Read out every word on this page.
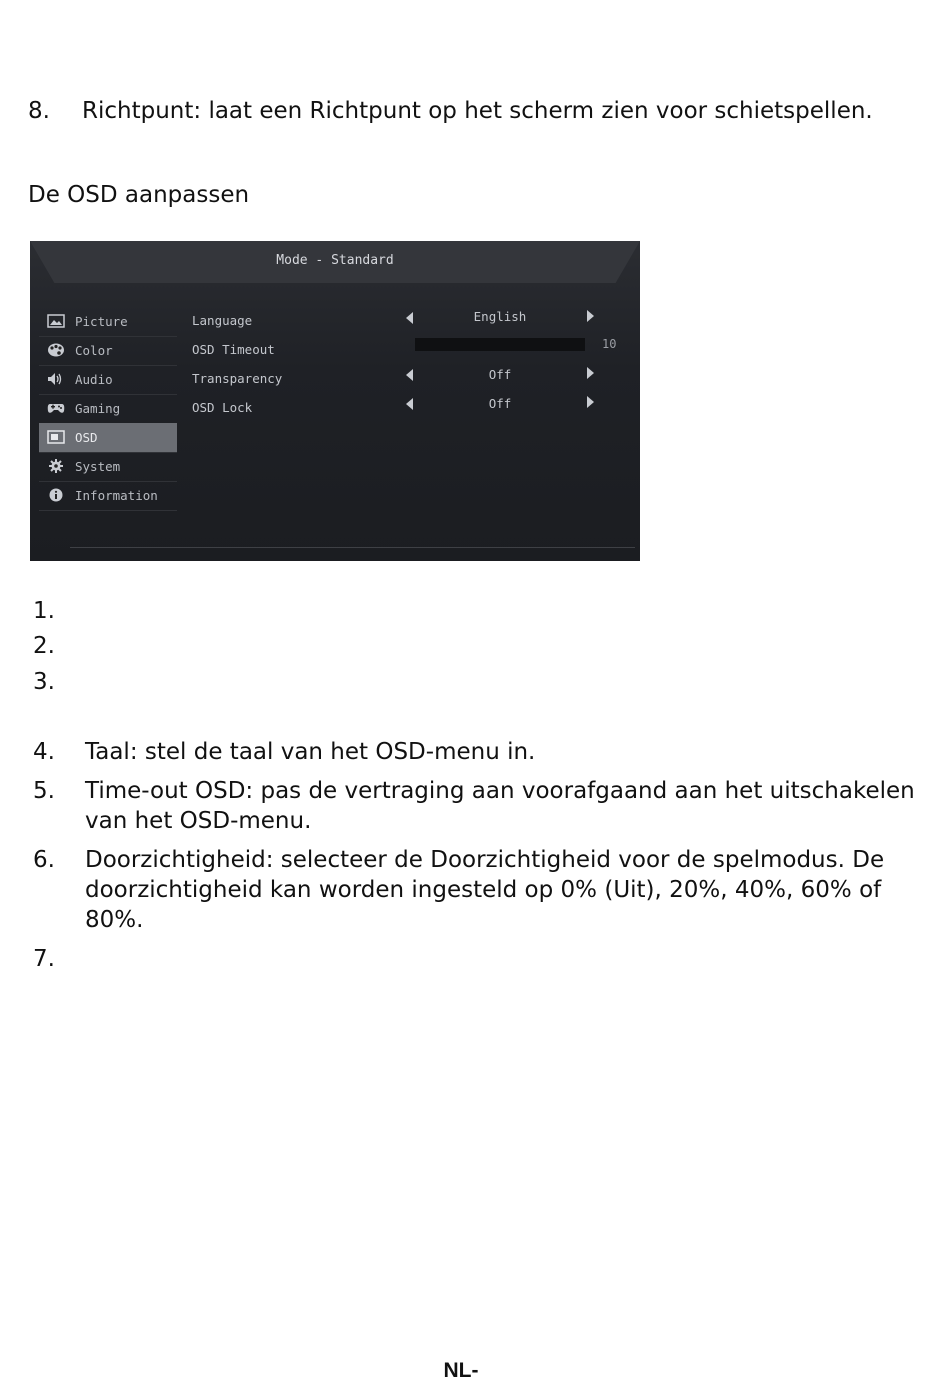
8. Richtpunt: laat een Richtpunt op het scherm zien voor schietspellen.
De OSD aanpassen
Mode - Standard
Picture
Color
Audio
Gaming
OSD
System
Information
Language	English
OSD Timeout	10
Transparency	Off
OSD Lock	Off
1.
2.
3.
4. Taal: stel de taal van het OSD-menu in.
5. Time-out OSD: pas de vertraging aan voorafgaand aan het uitschakelen
van het OSD-menu.
6. Doorzichtigheid: selecteer de Doorzichtigheid voor de spelmodus. De
doorzichtigheid kan worden ingesteld op 0% (Uit), 20%, 40%, 60% of
80%.
7.
NL-
